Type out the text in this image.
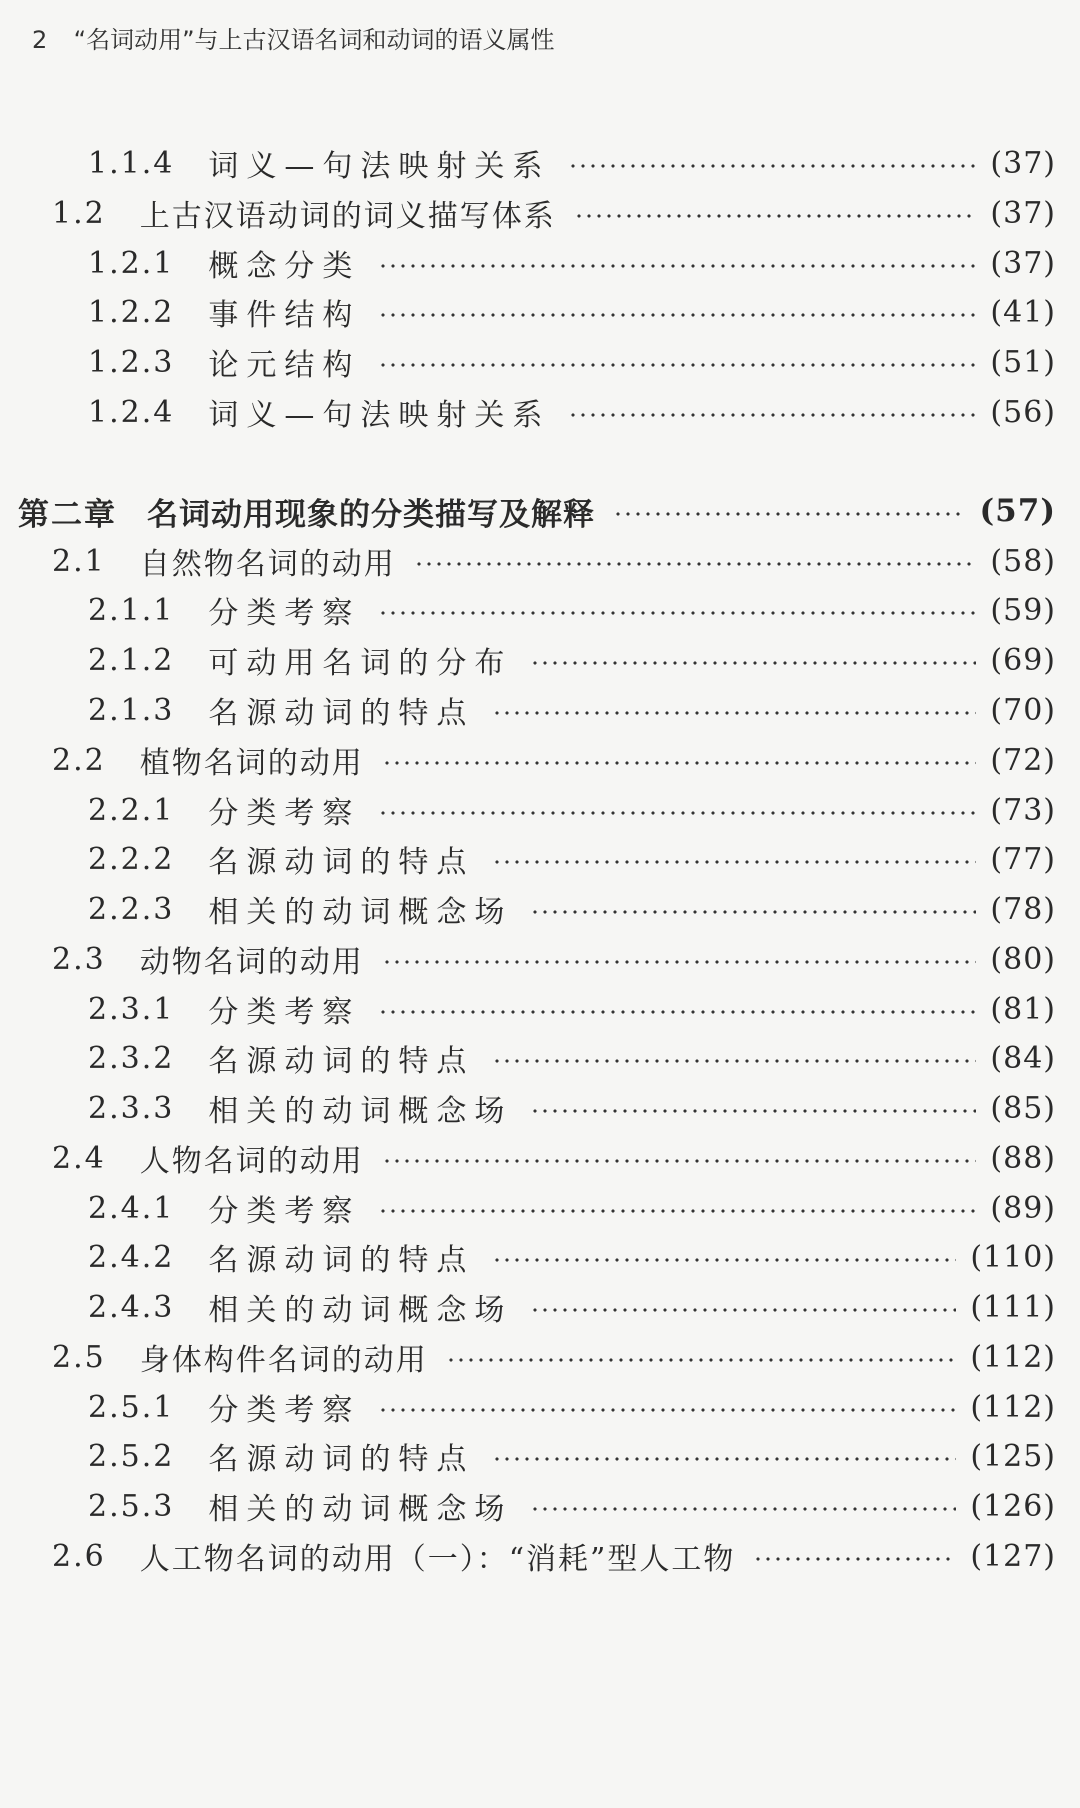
2 “名词动用”与上古汉语名词和动词的语义属性
1.1.4 词义—句法映射关系	(37)
1.2 上古汉语动词的词义描写体系	(37)
1.2.1 概念分类	(37)
1.2.2 事件结构	(41)
1.2.3 论元结构	(51)
1.2.4 词义—句法映射关系	(56)
第二章 名词动用现象的分类描写及解释	(57)
2.1 自然物名词的动用	(58)
2.1.1 分类考察	(59)
2.1.2 可动用名词的分布	(69)
2.1.3 名源动词的特点	(70)
2.2 植物名词的动用	(72)
2.2.1 分类考察	(73)
2.2.2 名源动词的特点	(77)
2.2.3 相关的动词概念场	(78)
2.3 动物名词的动用	(80)
2.3.1 分类考察	(81)
2.3.2 名源动词的特点	(84)
2.3.3 相关的动词概念场	(85)
2.4 人物名词的动用	(88)
2.4.1 分类考察	(89)
2.4.2 名源动词的特点	(110)
2.4.3 相关的动词概念场	(111)
2.5 身体构件名词的动用	(112)
2.5.1 分类考察	(112)
2.5.2 名源动词的特点	(125)
2.5.3 相关的动词概念场	(126)
2.6 人工物名词的动用（一）：“消耗”型人工物	(127)
